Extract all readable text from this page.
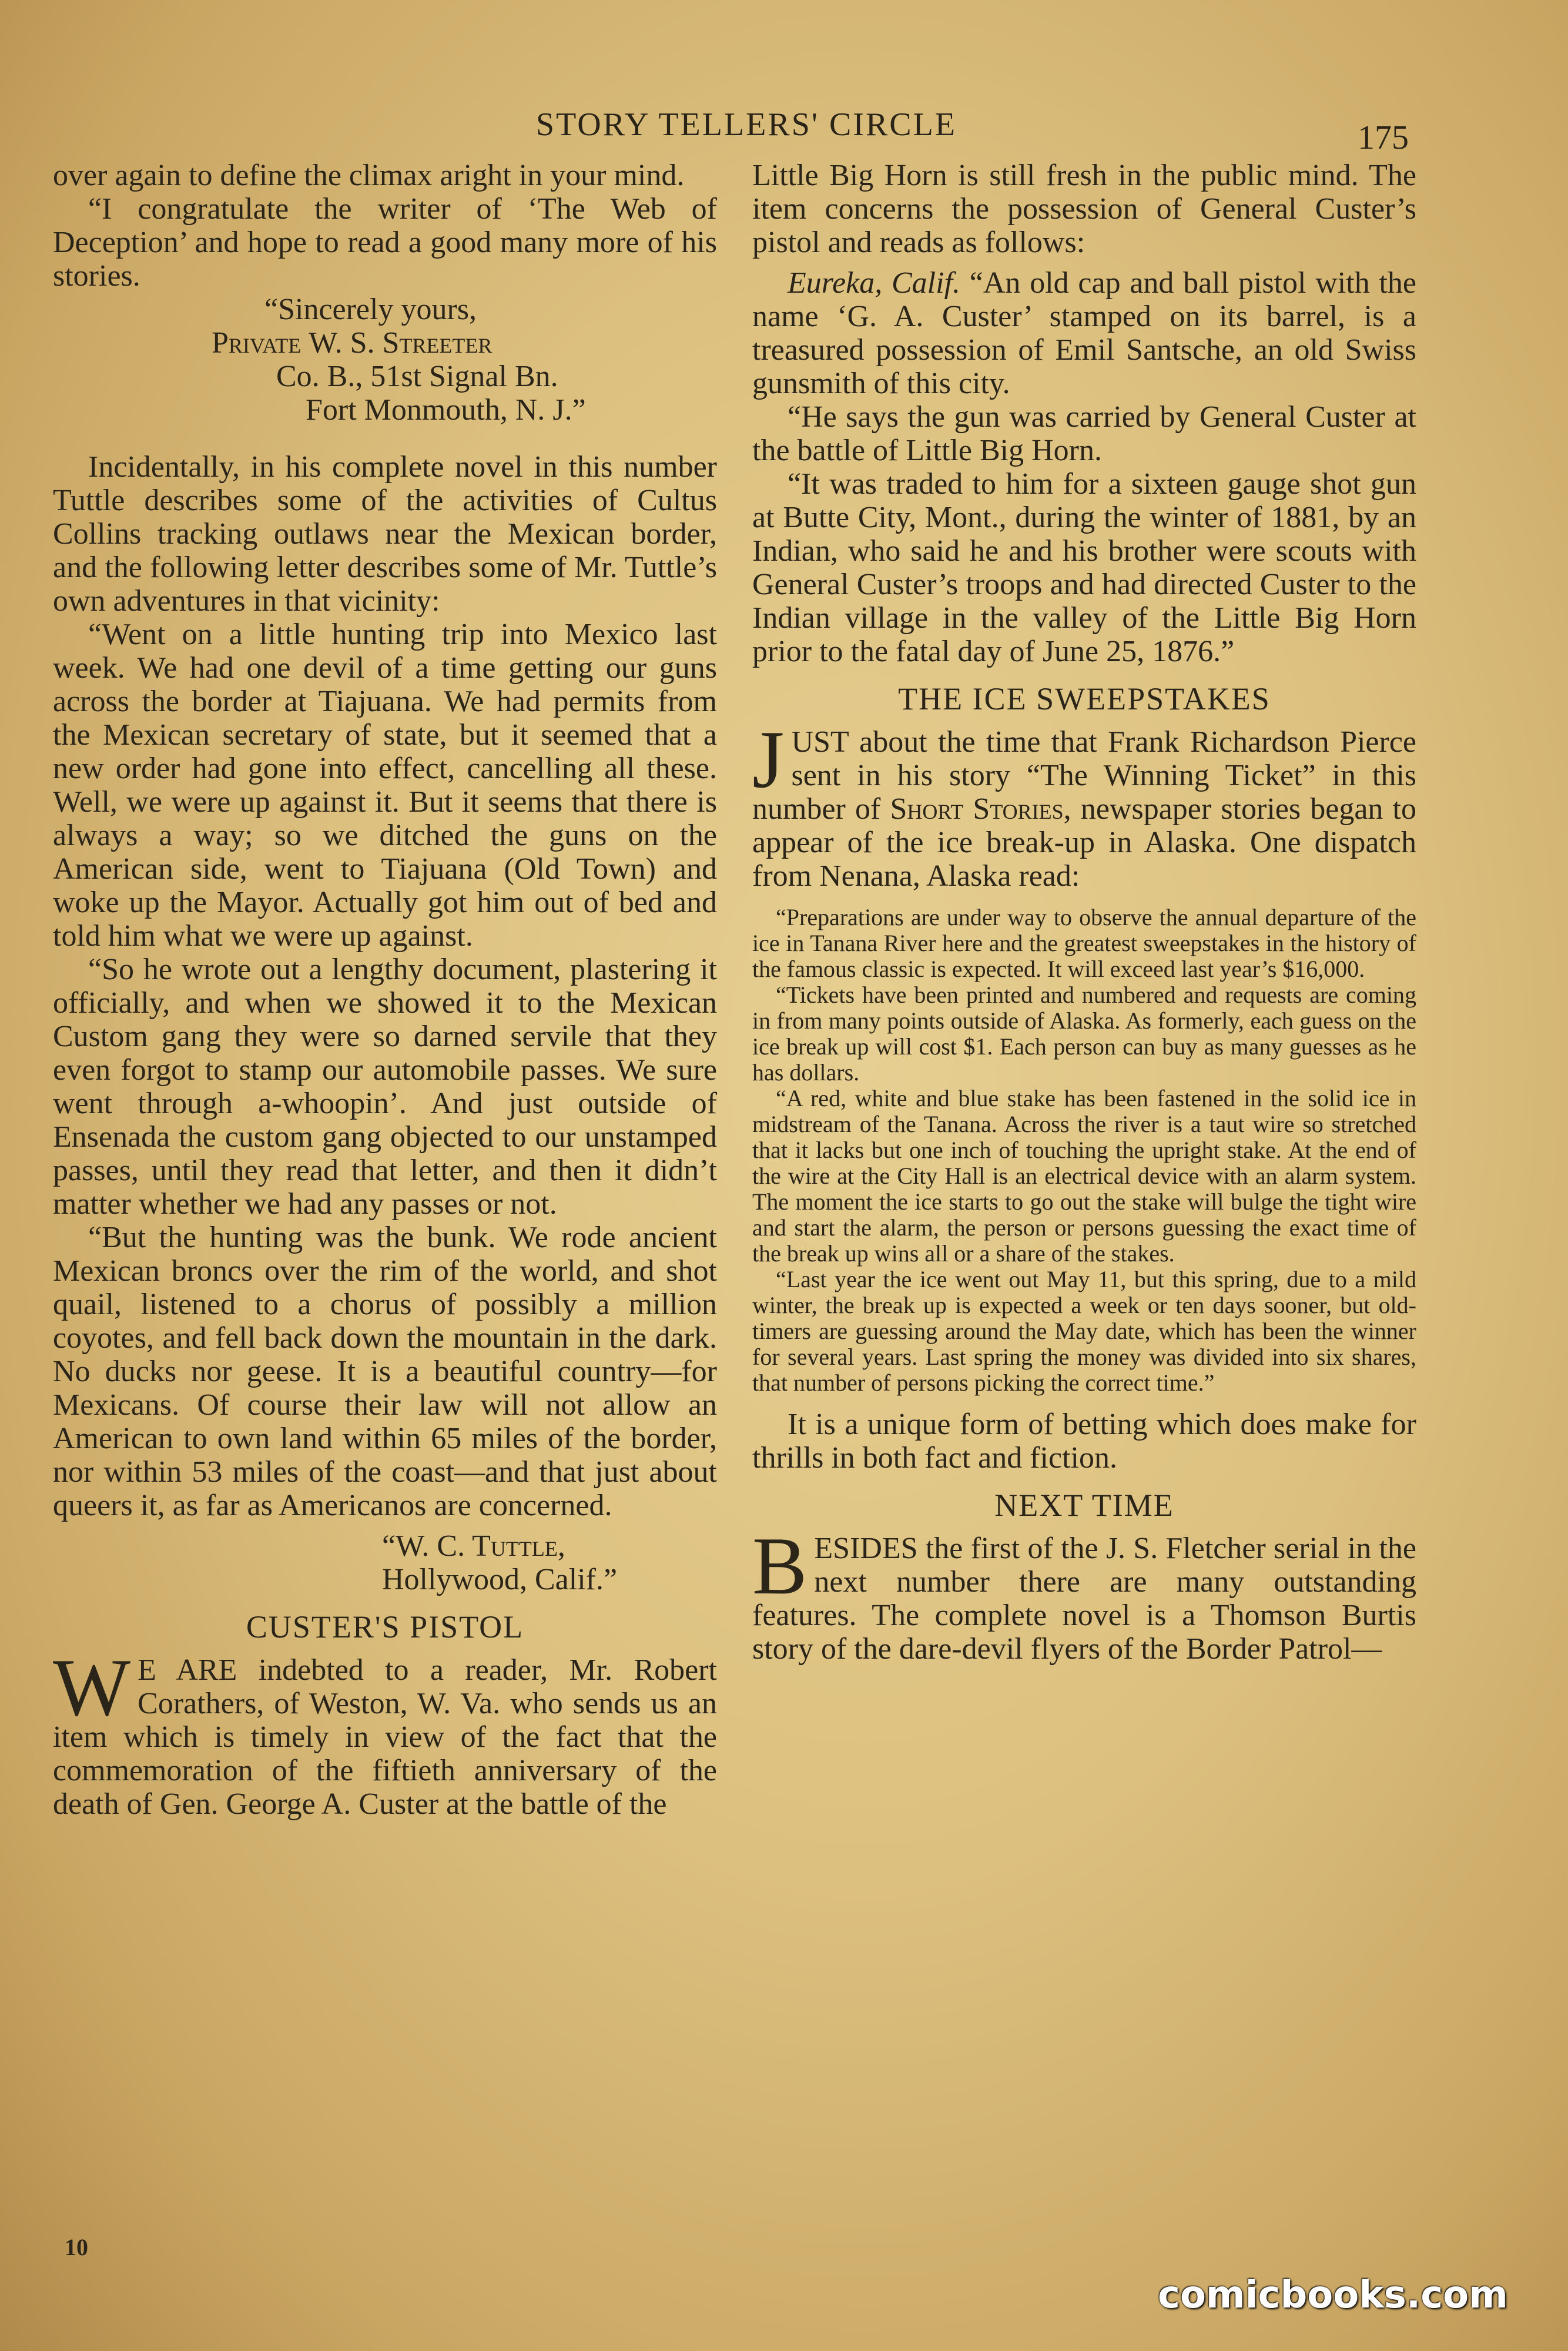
STORY TELLERS' CIRCLE	175

over again to define the climax aright in your mind.

“I congratulate the writer of ‘The Web of Deception’ and hope to read a good many more of his stories.

“Sincerely yours,
Private W. S. Streeter
Co. B., 51st Signal Bn.
Fort Monmouth, N. J.”

Incidentally, in his complete novel in this number Tuttle describes some of the activities of Cultus Collins tracking outlaws near the Mexican border, and the following letter describes some of Mr. Tuttle’s own adventures in that vicinity:

“Went on a little hunting trip into Mexico last week. We had one devil of a time getting our guns across the border at Tiajuana. We had permits from the Mexican secretary of state, but it seemed that a new order had gone into effect, cancelling all these. Well, we were up against it. But it seems that there is always a way; so we ditched the guns on the American side, went to Tiajuana (Old Town) and woke up the Mayor. Actually got him out of bed and told him what we were up against.

“So he wrote out a lengthy document, plastering it officially, and when we showed it to the Mexican Custom gang they were so darned servile that they even forgot to stamp our automobile passes. We sure went through a-whoopin’. And just outside of Ensenada the custom gang objected to our unstamped passes, until they read that letter, and then it didn’t matter whether we had any passes or not.

“But the hunting was the bunk. We rode ancient Mexican broncs over the rim of the world, and shot quail, listened to a chorus of possibly a million coyotes, and fell back down the mountain in the dark. No ducks nor geese. It is a beautiful country—for Mexicans. Of course their law will not allow an American to own land within 65 miles of the border, nor within 53 miles of the coast—and that just about queers it, as far as Americanos are concerned.

“W. C. Tuttle,
Hollywood, Calif.”
CUSTER'S PISTOL

W E ARE indebted to a reader, Mr. Robert Corathers, of Weston, W. Va. who sends us an item which is timely in view of the fact that the commemoration of the fiftieth anniversary of the death of Gen. George A. Custer at the battle of the

10

Little Big Horn is still fresh in the public mind. The item concerns the possession of General Custer’s pistol and reads as follows:

Eureka, Calif. “An old cap and ball pistol with the name ‘G. A. Custer’ stamped on its barrel, is a treasured possession of Emil Santsche, an old Swiss gunsmith of this city.

“He says the gun was carried by General Custer at the battle of Little Big Horn.

“It was traded to him for a sixteen gauge shot gun at Butte City, Mont., during the winter of 1881, by an Indian, who said he and his brother were scouts with General Custer’s troops and had directed Custer to the Indian village in the valley of the Little Big Horn prior to the fatal day of June 25, 1876.”

THE ICE SWEEPSTAKES

JUST about the time that Frank Richardson Pierce sent in his story “The Winning Ticket” in this number of Short Stories, newspaper stories began to appear of the ice break-up in Alaska. One dispatch from Nenana, Alaska read:

“Preparations are under way to observe the annual departure of the ice in Tanana River here and the greatest sweepstakes in the history of the famous classic is expected. It will exceed last year’s $16,000.

“Tickets have been printed and numbered and requests are coming in from many points outside of Alaska. As formerly, each guess on the ice break up will cost $1. Each person can buy as many guesses as he has dollars.

“A red, white and blue stake has been fastened in the solid ice in midstream of the Tanana. Across the river is a taut wire so stretched that it lacks but one inch of touching the upright stake. At the end of the wire at the City Hall is an electrical device with an alarm system. The moment the ice starts to go out the stake will bulge the tight wire and start the alarm, the person or persons guessing the exact time of the break up wins all or a share of the stakes.

“Last year the ice went out May 11, but this spring, due to a mild winter, the break up is expected a week or ten days sooner, but old-timers are guessing around the May date, which has been the winner for several years. Last spring the money was divided into six shares, that number of persons picking the correct time.”

It is a unique form of betting which does make for thrills in both fact and fiction.

NEXT TIME

BESIDES the first of the J. S. Fletcher serial in the next number there are many outstanding features. The complete novel is a Thomson Burtis story of the dare-devil flyers of the Border Patrol—

comicbooks.com
